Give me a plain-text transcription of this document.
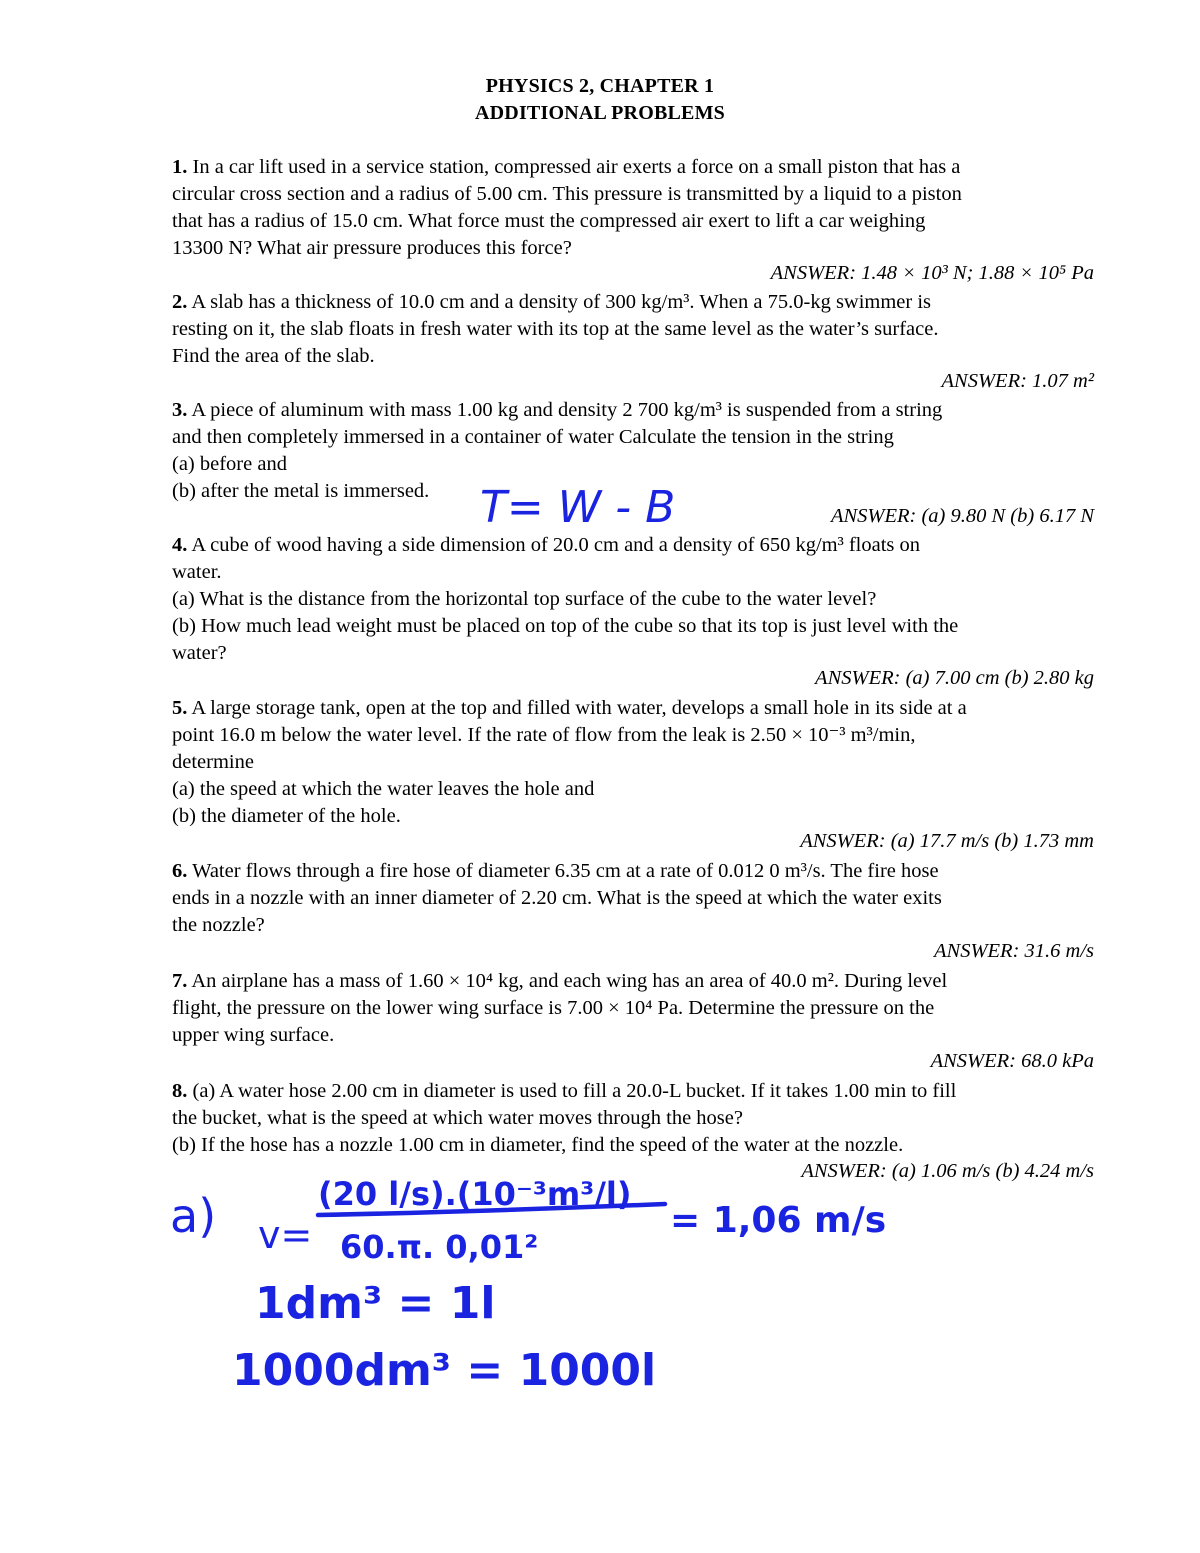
PHYSICS 2, CHAPTER 1
ADDITIONAL PROBLEMS
1. In a car lift used in a service station, compressed air exerts a force on a small piston that has a
circular cross section and a radius of 5.00 cm. This pressure is transmitted by a liquid to a piston
that has a radius of 15.0 cm. What force must the compressed air exert to lift a car weighing
13300 N? What air pressure produces this force?
ANSWER: 1.48 × 10³ N; 1.88 × 10⁵ Pa
2. A slab has a thickness of 10.0 cm and a density of 300 kg/m³. When a 75.0-kg swimmer is
resting on it, the slab floats in fresh water with its top at the same level as the water’s surface.
Find the area of the slab.
ANSWER: 1.07 m²
3. A piece of aluminum with mass 1.00 kg and density 2 700 kg/m³ is suspended from a string
and then completely immersed in a container of water Calculate the tension in the string
(a) before and
(b) after the metal is immersed.
ANSWER: (a) 9.80 N (b) 6.17 N
4. A cube of wood having a side dimension of 20.0 cm and a density of 650 kg/m³ floats on
water.
(a) What is the distance from the horizontal top surface of the cube to the water level?
(b) How much lead weight must be placed on top of the cube so that its top is just level with the
water?
ANSWER: (a) 7.00 cm (b) 2.80 kg
5. A large storage tank, open at the top and filled with water, develops a small hole in its side at a
point 16.0 m below the water level. If the rate of flow from the leak is 2.50 × 10⁻³ m³/min,
determine
(a) the speed at which the water leaves the hole and
(b) the diameter of the hole.
ANSWER: (a) 17.7 m/s (b) 1.73 mm
6. Water flows through a fire hose of diameter 6.35 cm at a rate of 0.012 0 m³/s. The fire hose
ends in a nozzle with an inner diameter of 2.20 cm. What is the speed at which the water exits
the nozzle?
ANSWER: 31.6 m/s
7. An airplane has a mass of 1.60 × 10⁴ kg, and each wing has an area of 40.0 m². During level
flight, the pressure on the lower wing surface is 7.00 × 10⁴ Pa. Determine the pressure on the
upper wing surface.
ANSWER: 68.0 kPa
8. (a) A water hose 2.00 cm in diameter is used to fill a 20.0-L bucket. If it takes 1.00 min to fill
the bucket, what is the speed at which water moves through the hose?
(b) If the hose has a nozzle 1.00 cm in diameter, find the speed of the water at the nozzle.
ANSWER: (a) 1.06 m/s (b) 4.24 m/s
T= W - B
a) v=
(20 l/s).(10⁻³m³/l)
60.π. 0,01²
= 1,06 m/s
1dm³ = 1l
1000dm³ = 1000l
